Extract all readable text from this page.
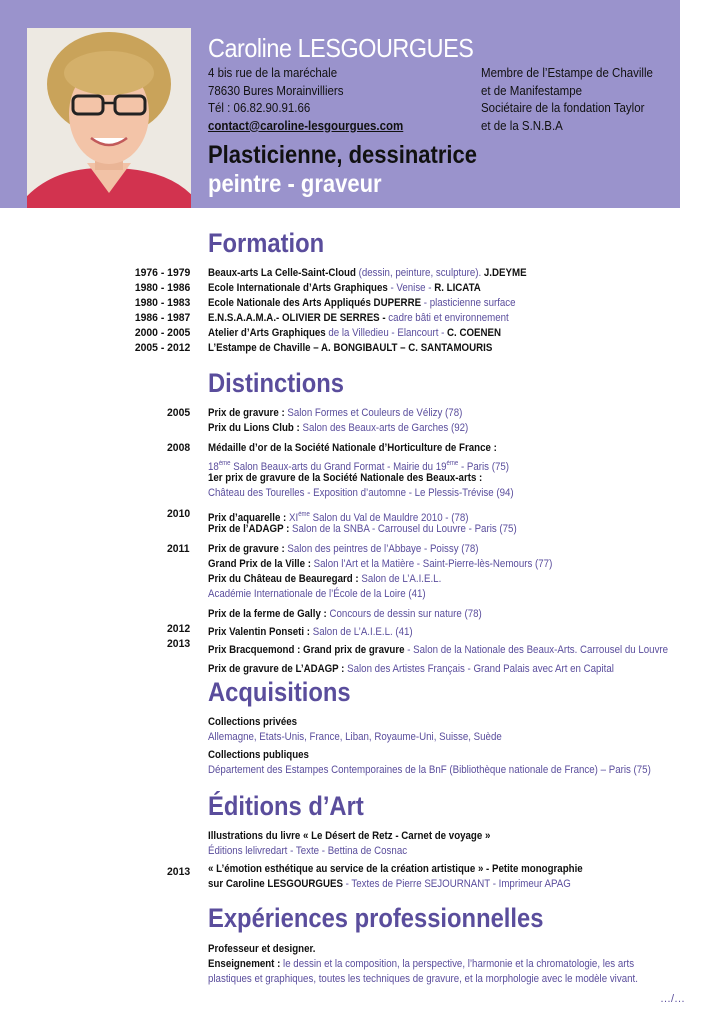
Caroline LESGOURGUES
4 bis rue de la maréchale
78630 Bures Morainvilliers
Tél : 06.82.90.91.66
contact@caroline-lesgourgues.com
Membre de l’Estampe de Chaville
et de Manifestampe
Sociétaire de la fondation Taylor
et de la S.N.B.A
Plasticienne, dessinatrice
peintre - graveur
Formation
1976 - 1979 Beaux-arts La Celle-Saint-Cloud (dessin, peinture, sculpture). J.DEYME
1980 - 1986 Ecole Internationale d’Arts Graphiques - Venise - R. LICATA
1980 - 1983 Ecole Nationale des Arts Appliqués DUPERRE - plasticienne surface
1986 - 1987 E.N.S.A.A.M.A.- OLIVIER DE SERRES - cadre bâti et environnement
2000 - 2005 Atelier d’Arts Graphiques de la Villedieu - Elancourt - C. COENEN
2005 - 2012 L’Estampe de Chaville – A. BONGIBAULT – C. SANTAMOURIS
Distinctions
2005 Prix de gravure : Salon Formes et Couleurs de Vélizy (78)
Prix du Lions Club : Salon des Beaux-arts de Garches (92)
2008 Médaille d’or de la Société Nationale d’Horticulture de France :
18ème Salon Beaux-arts du Grand Format - Mairie du 19ème - Paris (75)
1er prix de gravure de la Société Nationale des Beaux-arts :
Château des Tourelles - Exposition d’automne - Le Plessis-Trévise (94)
2010 Prix d’aquarelle : XIème Salon du Val de Mauldre 2010 - (78)
Prix de l’ADAGP : Salon de la SNBA - Carrousel du Louvre - Paris (75)
2011 Prix de gravure : Salon des peintres de l’Abbaye - Poissy (78)
Grand Prix de la Ville : Salon l’Art et la Matière - Saint-Pierre-lès-Nemours (77)
Prix du Château de Beauregard : Salon de L’A.I.E.L.
Académie Internationale de l’École de la Loire (41)
Prix de la ferme de Gally : Concours de dessin sur nature (78)
2012 Prix Valentin Ponseti : Salon de L’A.I.E.L. (41)
2013 Prix Bracquemond : Grand prix de gravure - Salon de la Nationale des Beaux-Arts. Carrousel du Louvre
Prix de gravure de L’ADAGP : Salon des Artistes Français - Grand Palais avec Art en Capital
Acquisitions
Collections privées
Allemagne, Etats-Unis, France, Liban, Royaume-Uni, Suisse, Suède
Collections publiques
Département des Estampes Contemporaines de la BnF (Bibliothèque nationale de France) – Paris (75)
Éditions d’Art
Illustrations du livre « Le Désert de Retz - Carnet de voyage »
Éditions lelivredart - Texte - Bettina de Cosnac
2013 « L’émotion esthétique au service de la création artistique » - Petite monographie
sur Caroline LESGOURGUES - Textes de Pierre SEJOURNANT - Imprimeur APAG
Expériences professionnelles
Professeur et designer.
Enseignement : le dessin et la composition, la perspective, l’harmonie et la chromatologie, les arts
plastiques et graphiques, toutes les techniques de gravure, et la morphologie avec le modèle vivant.
…/…
